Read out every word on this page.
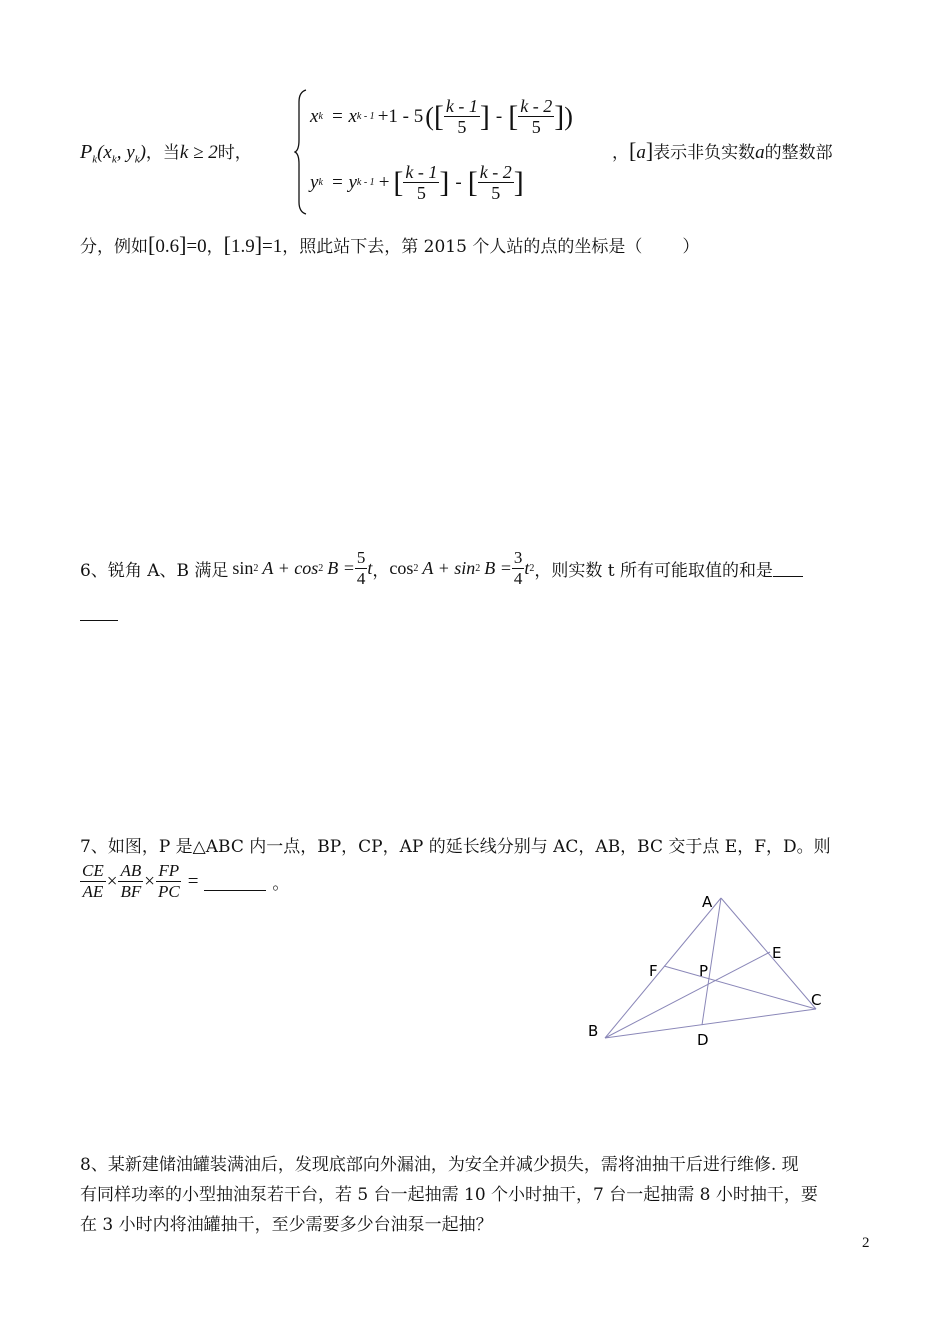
$P_k(x_k$, $y_k$)，当k ≥ 2时，
x k = x k - 1 +1 - 5 ( [ $\frac{k - 1}{5}$ ] - [ $\frac{k - 2}{5}$ ] )
y k = y k - 1 + [ $\frac{k - 1}{5}$ ] - [ $\frac{k - 2}{5}$ ]
，[a]表示非负实数a的整数部
分，例如[0.6]=0，[1.9]=1，照此站下去，第 2015 个人站的点的坐标是（ ）
6、锐角 A、B 满足 sin 2 A + cos 2 $B = \frac{5}{4}$ t ， cos 2 A + sin 2 $B = \frac{3}{4}$ t 2 ，则实数 t 所有可能取值的和是
7、如图，P 是△ABC 内一点，BP，CP，AP 的延长线分别与 AC，AB，BC 交于点 E，F，D。则
$\frac{CE}{AE} \times \frac{AB}{BF} \times \frac{FP}{PC}$ =	。
A
B
C
D
E
F	P
8、某新建储油罐装满油后，发现底部向外漏油，为安全并减少损失，需将油抽干后进行维修. 现
有同样功率的小型抽油泵若干台，若 5 台一起抽需 10 个小时抽干，7 台一起抽需 8 小时抽干，要
在 3 小时内将油罐抽干，至少需要多少台油泵一起抽？
2
